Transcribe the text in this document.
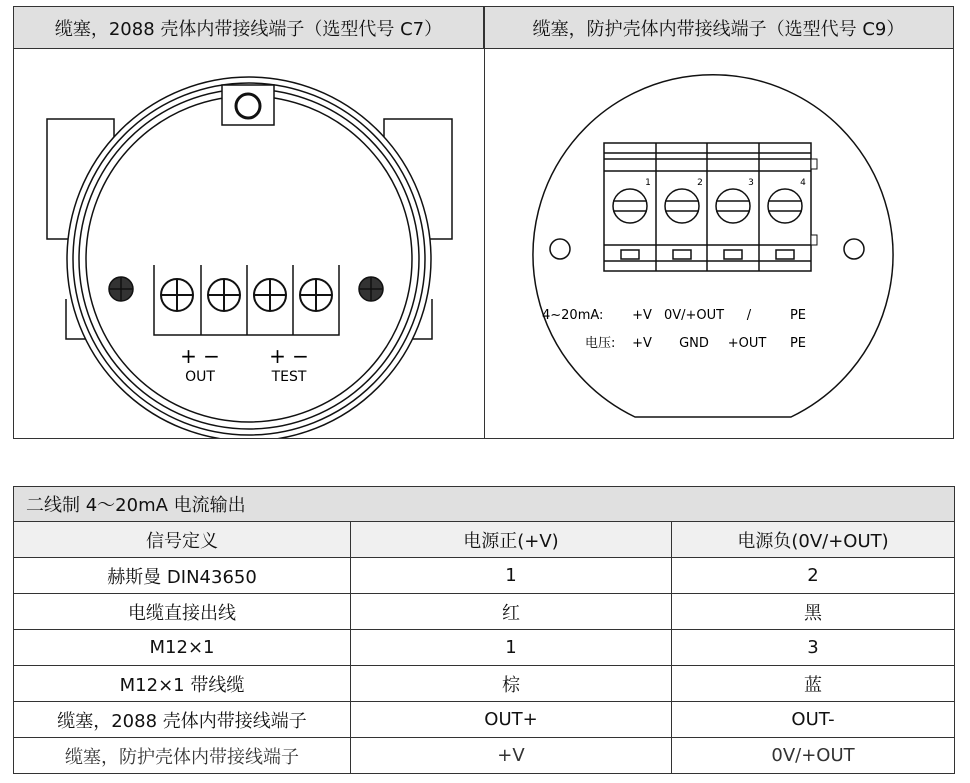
缆塞，2088 壳体内带接线端子（选型代号 C7）	缆塞，防护壳体内带接线端子（选型代号 C9）
+ − + −
OUT	TEST
1	2	3	4
4~20mA: +V 0V/+OUT /	PE
电压: +V GND +OUT PE
二线制 4～20mA 电流输出		
信号定义	电源正(+V)	电源负(0V/+OUT)
赫斯曼 DIN43650	1	2
电缆直接出线	红	黑
M12×1	1	3
M12×1 带线缆	棕	蓝
缆塞，2088 壳体内带接线端子	OUT+	OUT-
缆塞，防护壳体内带接线端子	+V	0V/+OUT
